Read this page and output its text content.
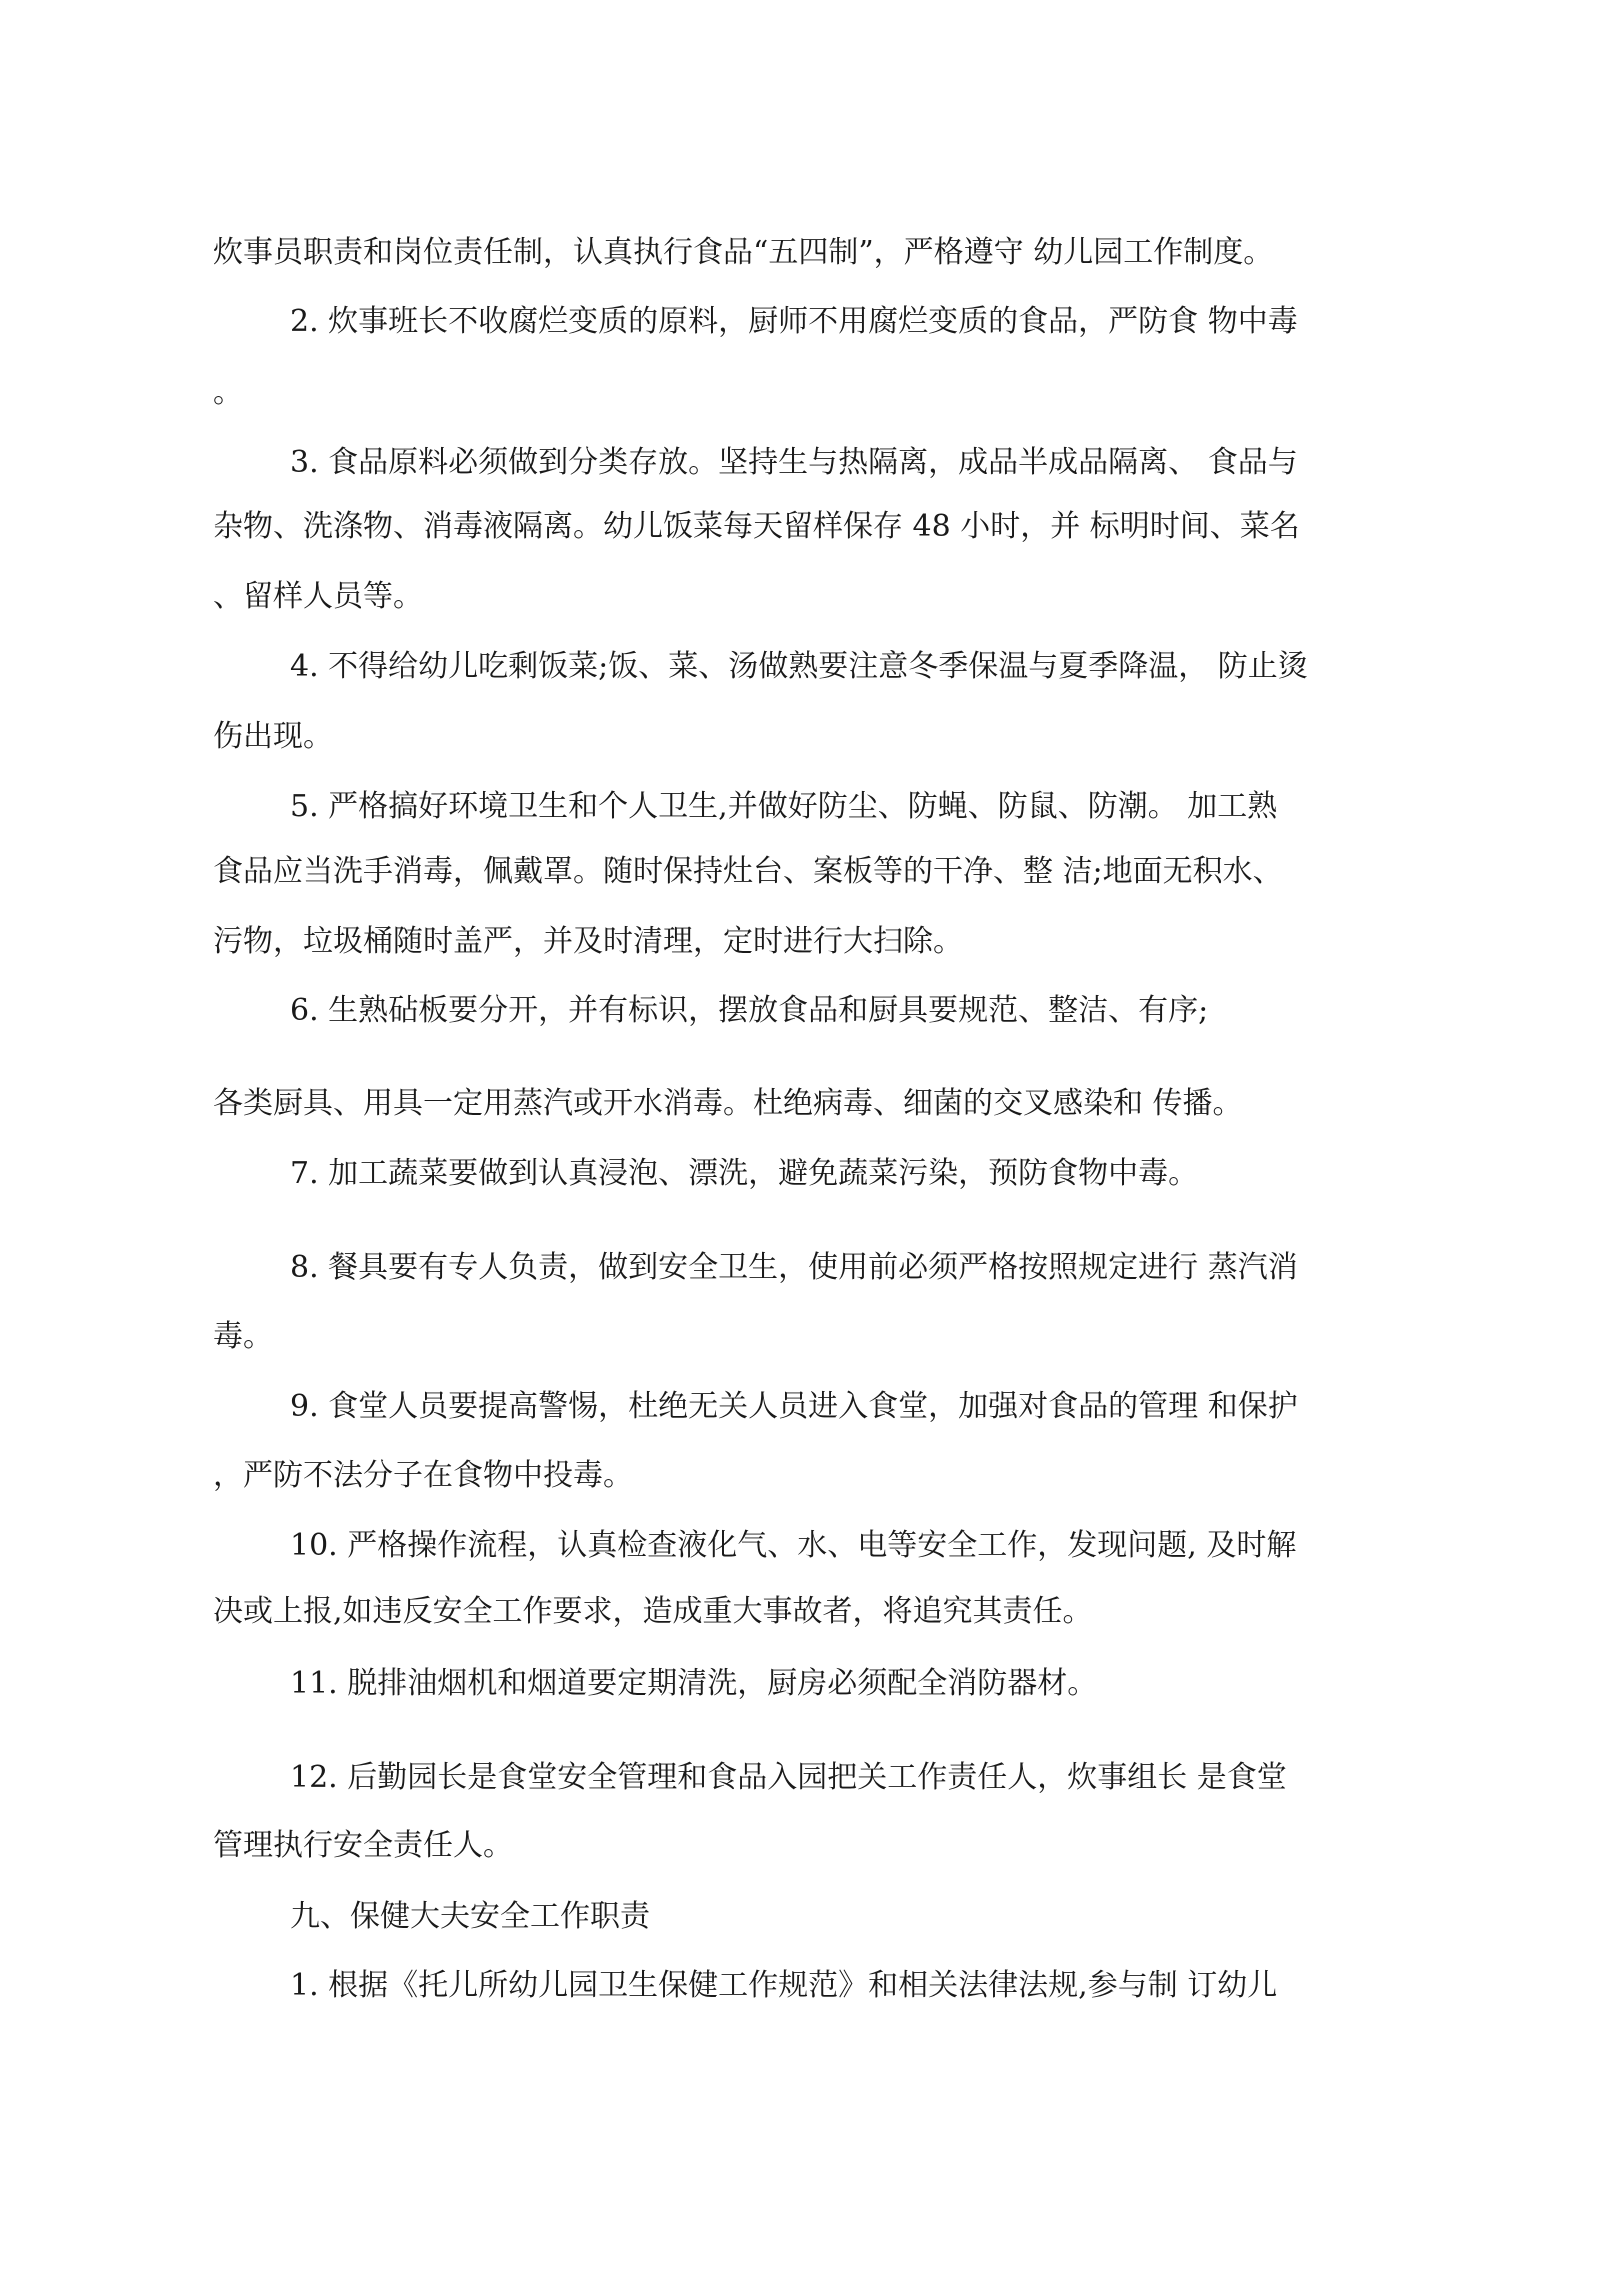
炊事员职责和岗位责任制，认真执行食品“五四制”，严格遵守 幼儿园工作制度。
2. 炊事班长不收腐烂变质的原料，厨师不用腐烂变质的食品，严防食 物中毒
。
3. 食品原料必须做到分类存放。坚持生与热隔离，成品半成品隔离、 食品与
杂物、洗涤物、消毒液隔离。幼儿饭菜每天留样保存 48 小时，并 标明时间、菜名
、留样人员等。
4. 不得给幼儿吃剩饭菜;饭、菜、汤做熟要注意冬季保温与夏季降温， 防止烫
伤出现。
5. 严格搞好环境卫生和个人卫生,并做好防尘、防蝇、防鼠、防潮。 加工熟
食品应当洗手消毒，佩戴罩。随时保持灶台、案板等的干净、整 洁;地面无积水、
污物，垃圾桶随时盖严，并及时清理，定时进行大扫除。
6. 生熟砧板要分开，并有标识，摆放食品和厨具要规范、整洁、有序;
各类厨具、用具一定用蒸汽或开水消毒。杜绝病毒、细菌的交叉感染和 传播。
7. 加工蔬菜要做到认真浸泡、漂洗，避免蔬菜污染，预防食物中毒。
8. 餐具要有专人负责，做到安全卫生，使用前必须严格按照规定进行 蒸汽消
毒。
9. 食堂人员要提高警惕，杜绝无关人员进入食堂，加强对食品的管理 和保护
，严防不法分子在食物中投毒。
10. 严格操作流程，认真检查液化气、水、电等安全工作，发现问题, 及时解
决或上报,如违反安全工作要求，造成重大事故者，将追究其责任。
11. 脱排油烟机和烟道要定期清洗，厨房必须配全消防器材。
12. 后勤园长是食堂安全管理和食品入园把关工作责任人，炊事组长 是食堂
管理执行安全责任人。
九、保健大夫安全工作职责
1. 根据《托儿所幼儿园卫生保健工作规范》和相关法律法规,参与制 订幼儿
